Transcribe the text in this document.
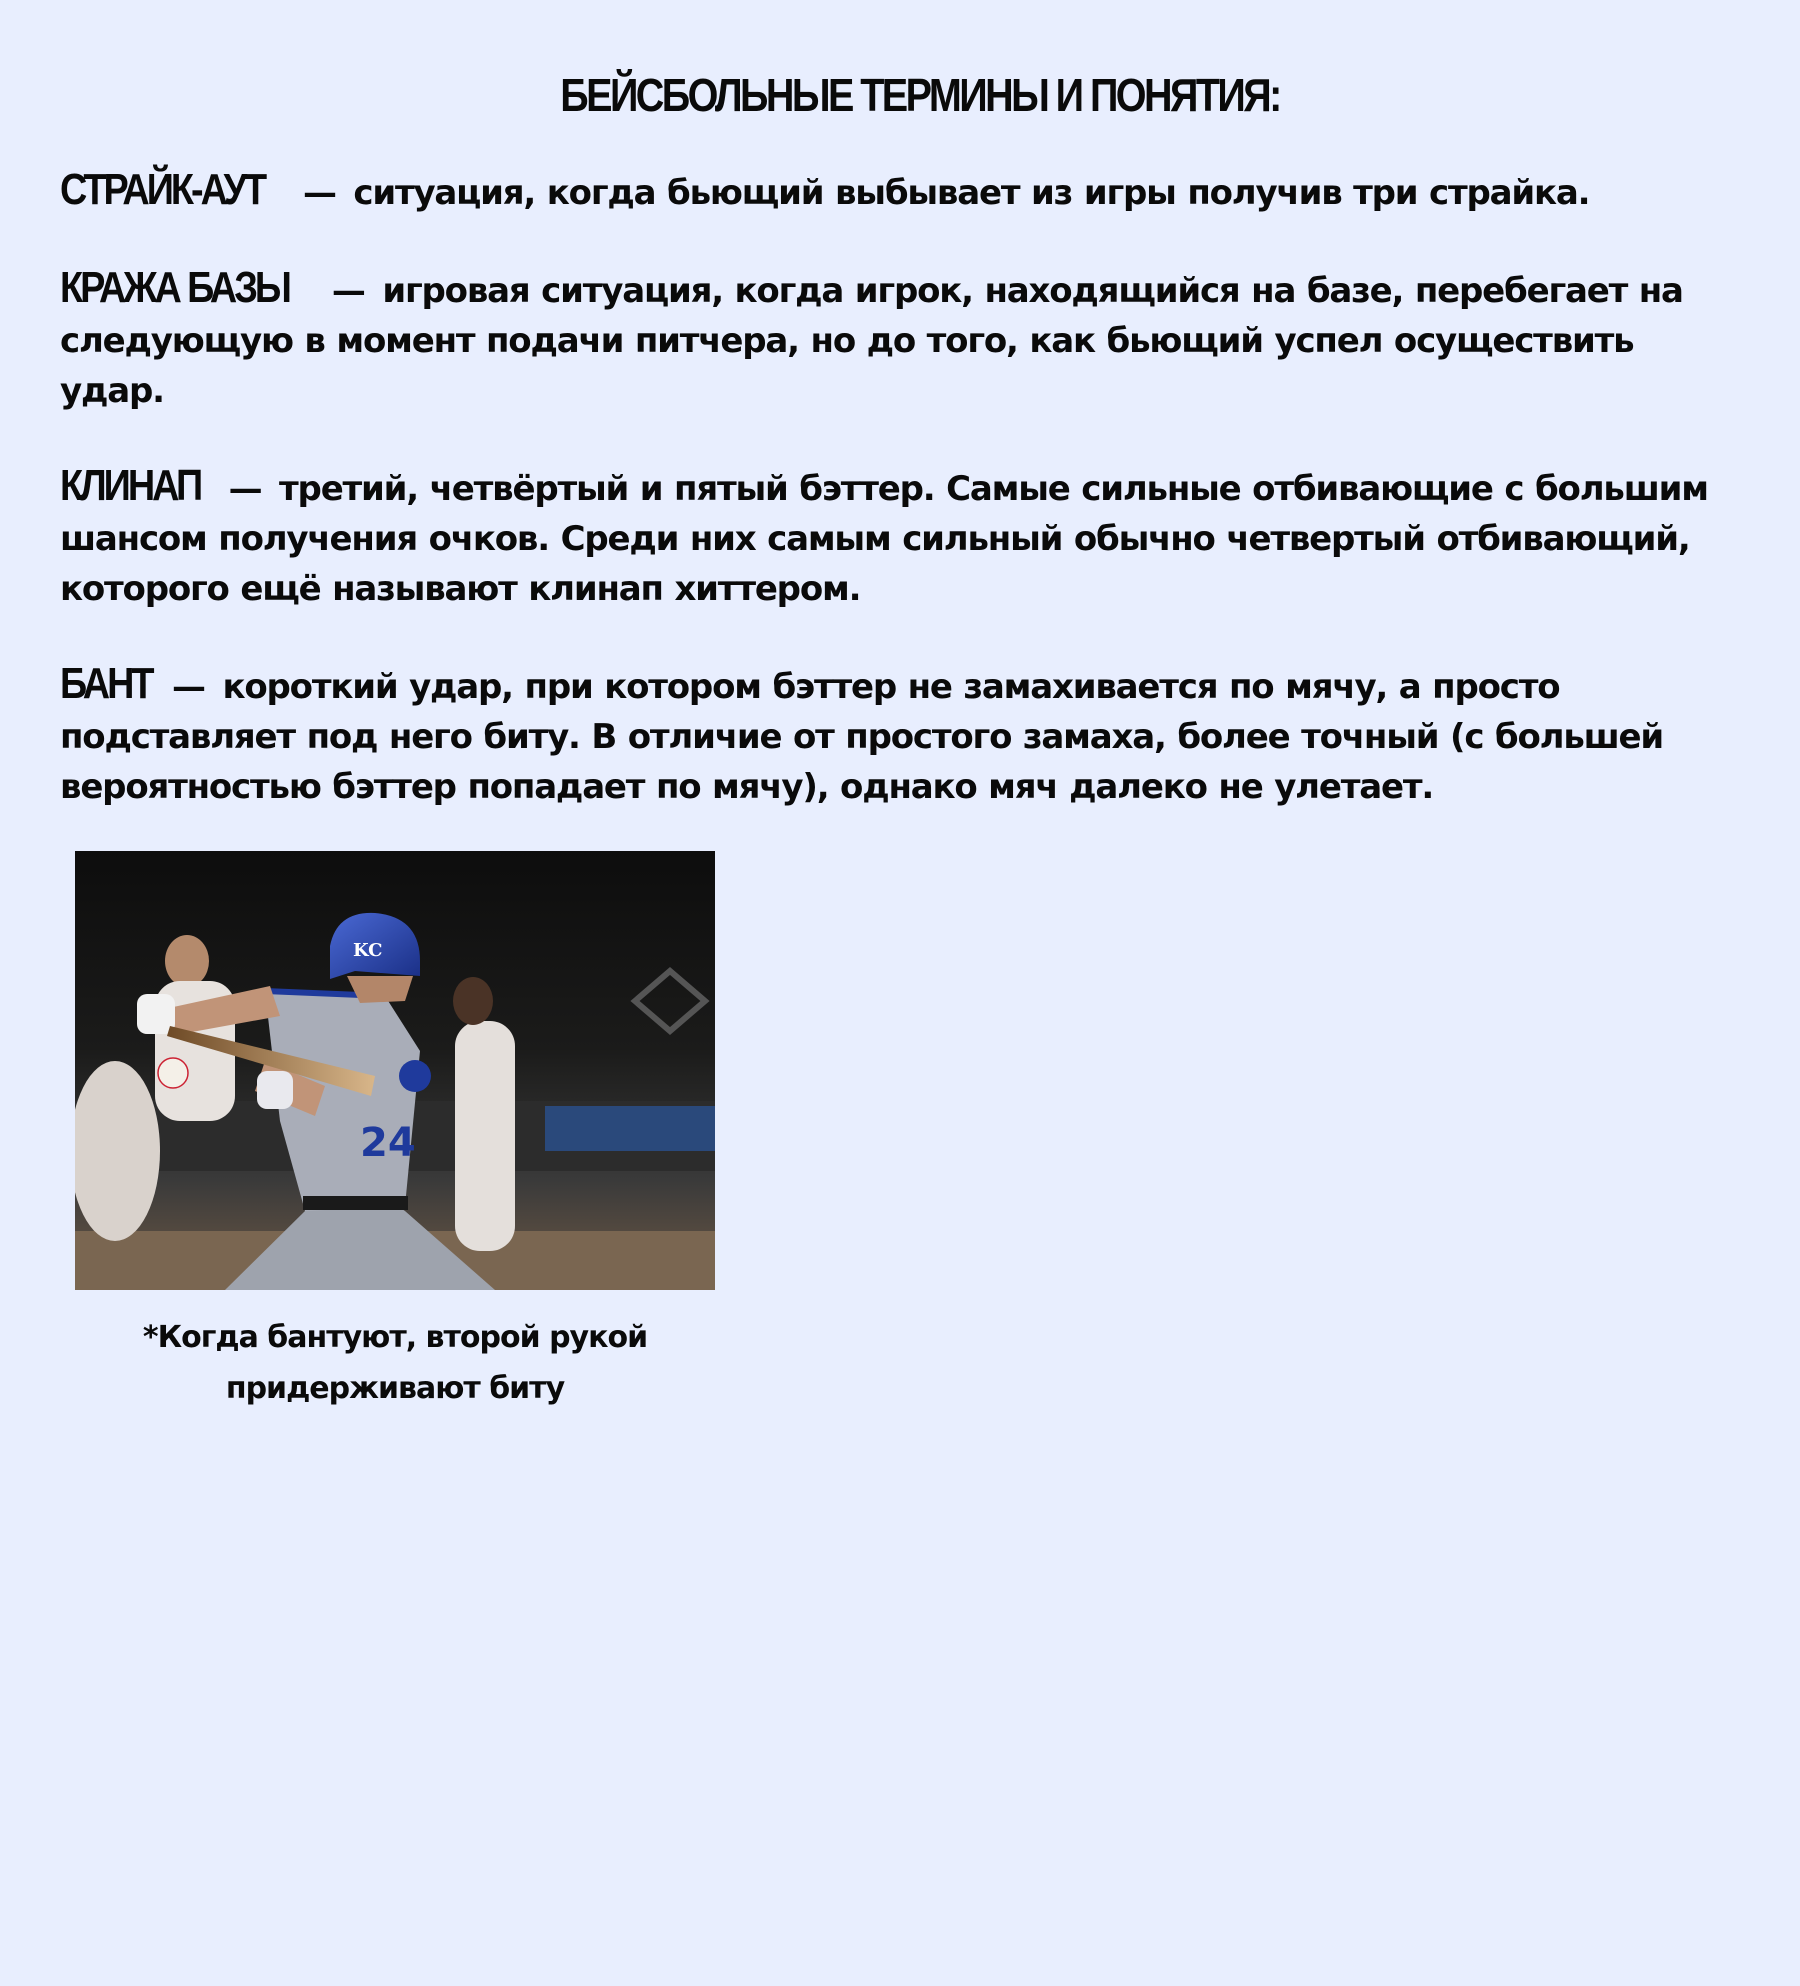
БЕЙСБОЛЬНЫЕ ТЕРМИНЫ И ПОНЯТИЯ:

СТРАЙК-АУТ — ситуация, когда бьющий выбывает из игры получив три страйка.

КРАЖА БАЗЫ — игровая ситуация, когда игрок, находящийся на базе, перебегает на следующую в момент подачи питчера, но до того, как бьющий успел осуществить удар.

КЛИНАП — третий, четвёртый и пятый бэттер. Самые сильные отбивающие с большим шансом получения очков. Среди них самым сильный обычно четвертый отбивающий, которого ещё называют клинап хиттером.

БАНТ — короткий удар, при котором бэттер не замахивается по мячу, а просто подставляет под него биту. В отличие от простого замаха, более точный (с большей вероятностью бэттер попадает по мячу), однако мяч далеко не улетает.

24
KC
*Когда бантуют, второй рукой придерживают биту
